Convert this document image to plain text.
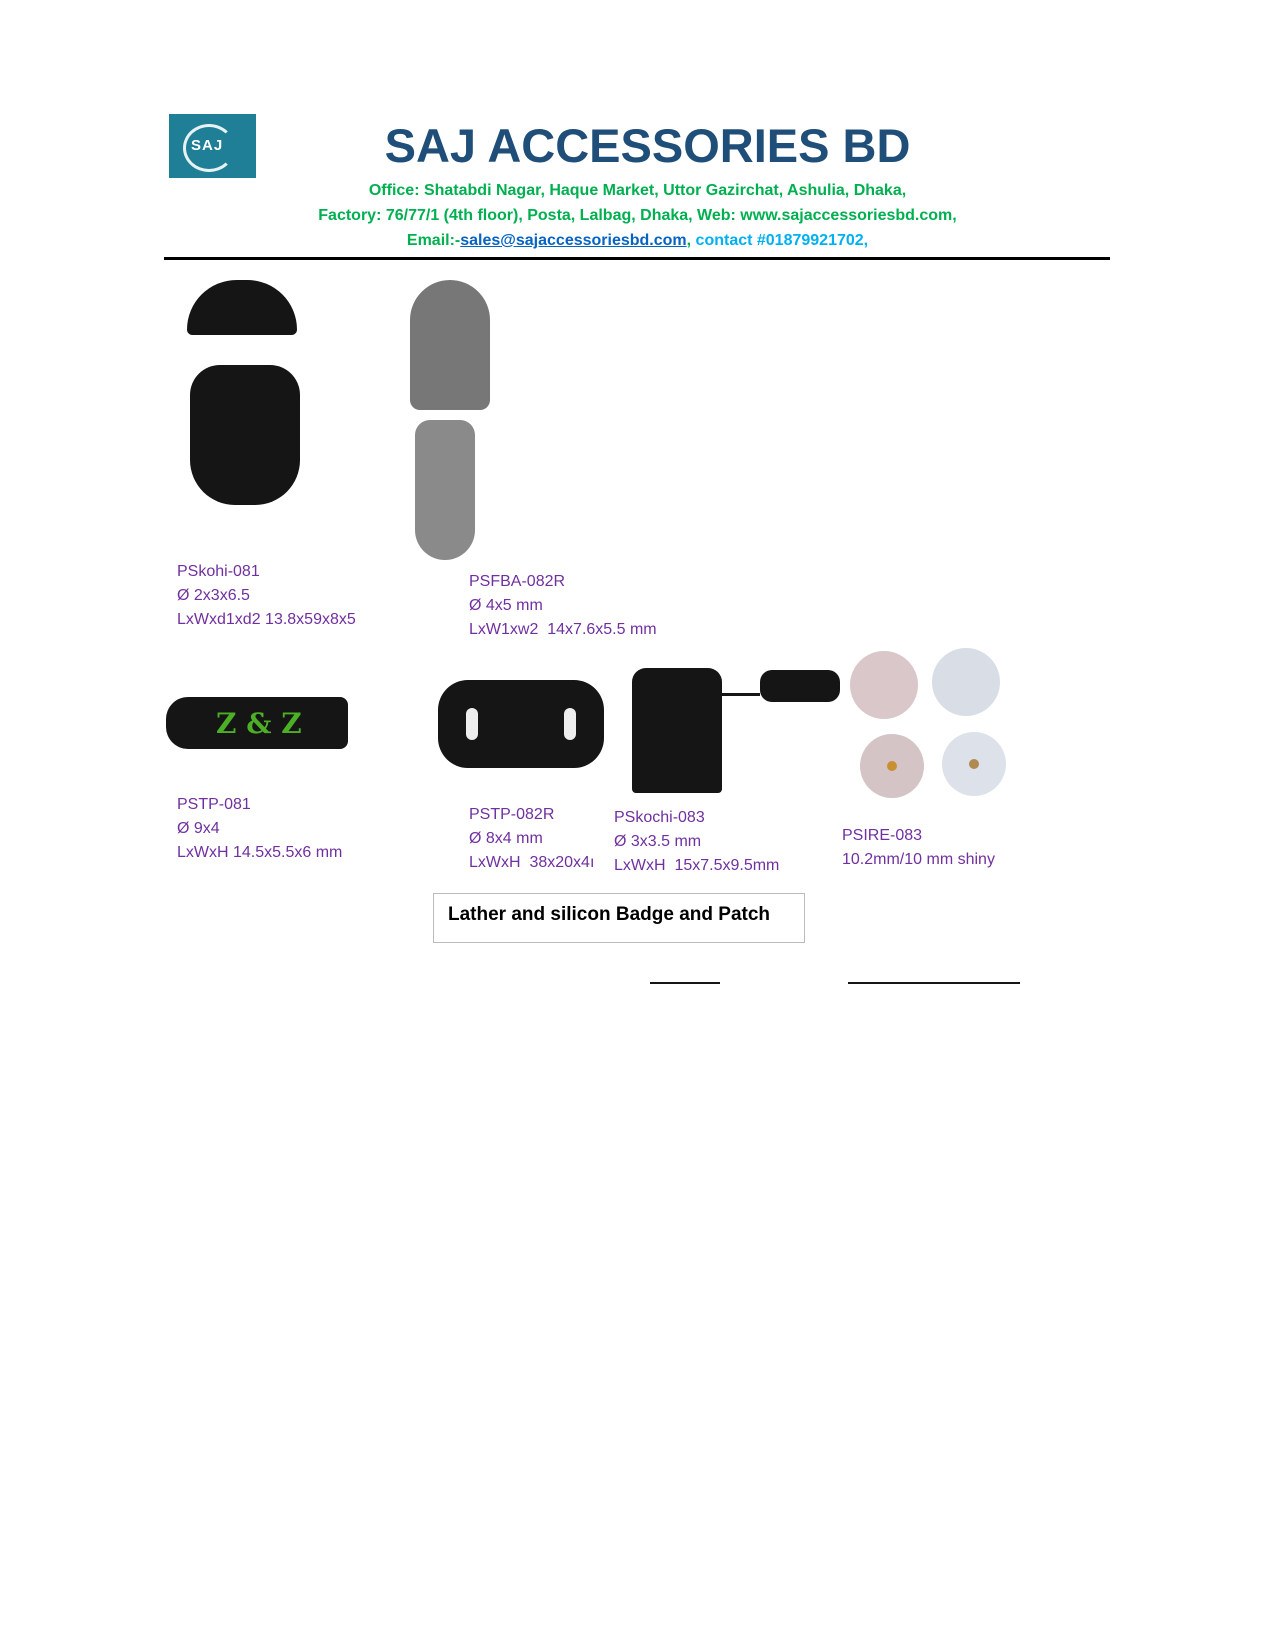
SAJ	SAJ ACCESSORIES BD
Office: Shatabdi Nagar, Haque Market, Uttor Gazirchat, Ashulia, Dhaka,
Factory: 76/77/1 (4th floor), Posta, Lalbag, Dhaka, Web: www.sajaccessoriesbd.com,
Email:-sales@sajaccessoriesbd.com, contact #01879921702,
Z & Z
PSkohi-081
Ø 2x3x6.5
LxWxd1xd2 13.8x59x8x5
PSFBA-082R
Ø 4x5 mm
LxW1xw2  14x7.6x5.5 mm
PSTP-081
Ø 9x4
LxWxH 14.5x5.5x6 mm
PSTP-082R
Ø 8x4 mm
LxWxH  38x20x4ı
PSkochi-083
Ø 3x3.5 mm
LxWxH  15x7.5x9.5mm
PSIRE-083
10.2mm/10 mm shiny
Lather and silicon Badge and Patch
